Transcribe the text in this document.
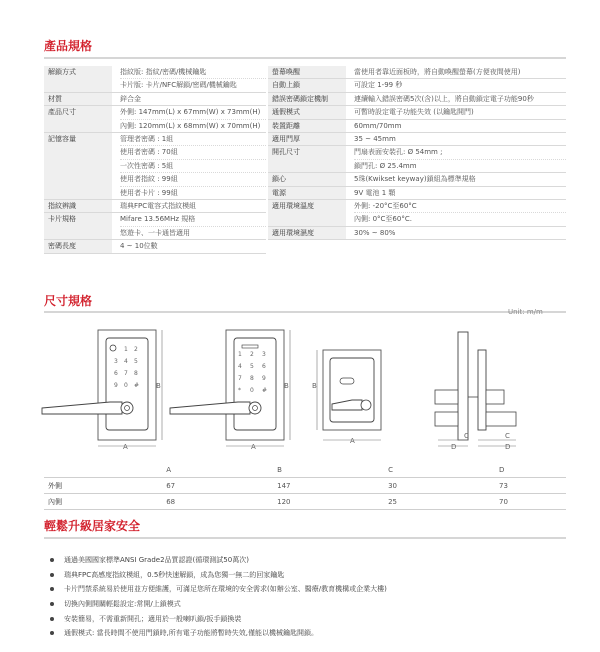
產品規格
解鎖方式	指紋版: 指紋/密碼/機械鑰匙
卡片版: 卡片/NFC解鎖/密碼/機械鑰匙
材質	鋅合金
產品尺寸	外側: 147mm(L) x 67mm(W) x 73mm(H)
內側: 120mm(L) x 68mm(W) x 70mm(H)
記憶容量	管理者密碼 : 1組
使用者密碼 : 70組
一次性密碼 : 5組
使用者指紋 : 99組
使用者卡片 : 99組
指紋辨識	瑞典FPC電容式指紋模組
卡片規格	Mifare 13.56MHz 規格
悠遊卡、一卡通皆適用
密碼長度	4 ~ 10位數
螢幕喚醒	當使用者靠近面板時，將自動喚醒螢幕(方便夜間使用)
自動上鎖	可設定 1-99 秒
錯誤密碼鎖定機制	連續輸入錯誤密碼5次(含)以上，將自動鎖定電子功能90秒
通假模式	可暫時設定電子功能失效 (以鑰匙開門)
裝置距離	60mm/70mm
適用門厚	35 ~ 45mm
開孔尺寸	門扇表面安裝孔: Ø 54mm ;
鎖門孔: Ø 25.4mm
鎖心	5珠(Kwikset keyway)鎖組為標準規格
電源	9V 電池 1 顆
適用環境溫度	外側: -20°C至60°C
內側: 0°C至60°C.
適用環境濕度	30% ~ 80%
尺寸規格
Unit: m/m
1 2
3 4 5
6 7 8
9 0 #
A
B
1 2 3
4 5 6
7 8 9
* 0 #
A
B
A
B
C	C
D	D
A	B	C	D
外側	67	147	30	73
內側	68	120	25	70
輕鬆升級居家安全
通過美國國家標準ANSI Grade2品質認證(循環測試50萬次)
瑞典FPC高感度指紋模組，0.5秒快速解鎖，成為您獨一無二的回家鑰匙
卡片門禁系統易於使用並方便維護，可滿足您所在環境的安全需求(如辦公室、醫療/教育機構或企業大樓)
切換內側開關輕鬆設定:常開/上鎖模式
安裝簡易，不需重新開孔；適用於一般喇叭鎖/扳手鎖換裝
通假模式: 當長時間不使用門鎖時,所有電子功能將暫時失效,僅能以機械鑰匙開鎖。
